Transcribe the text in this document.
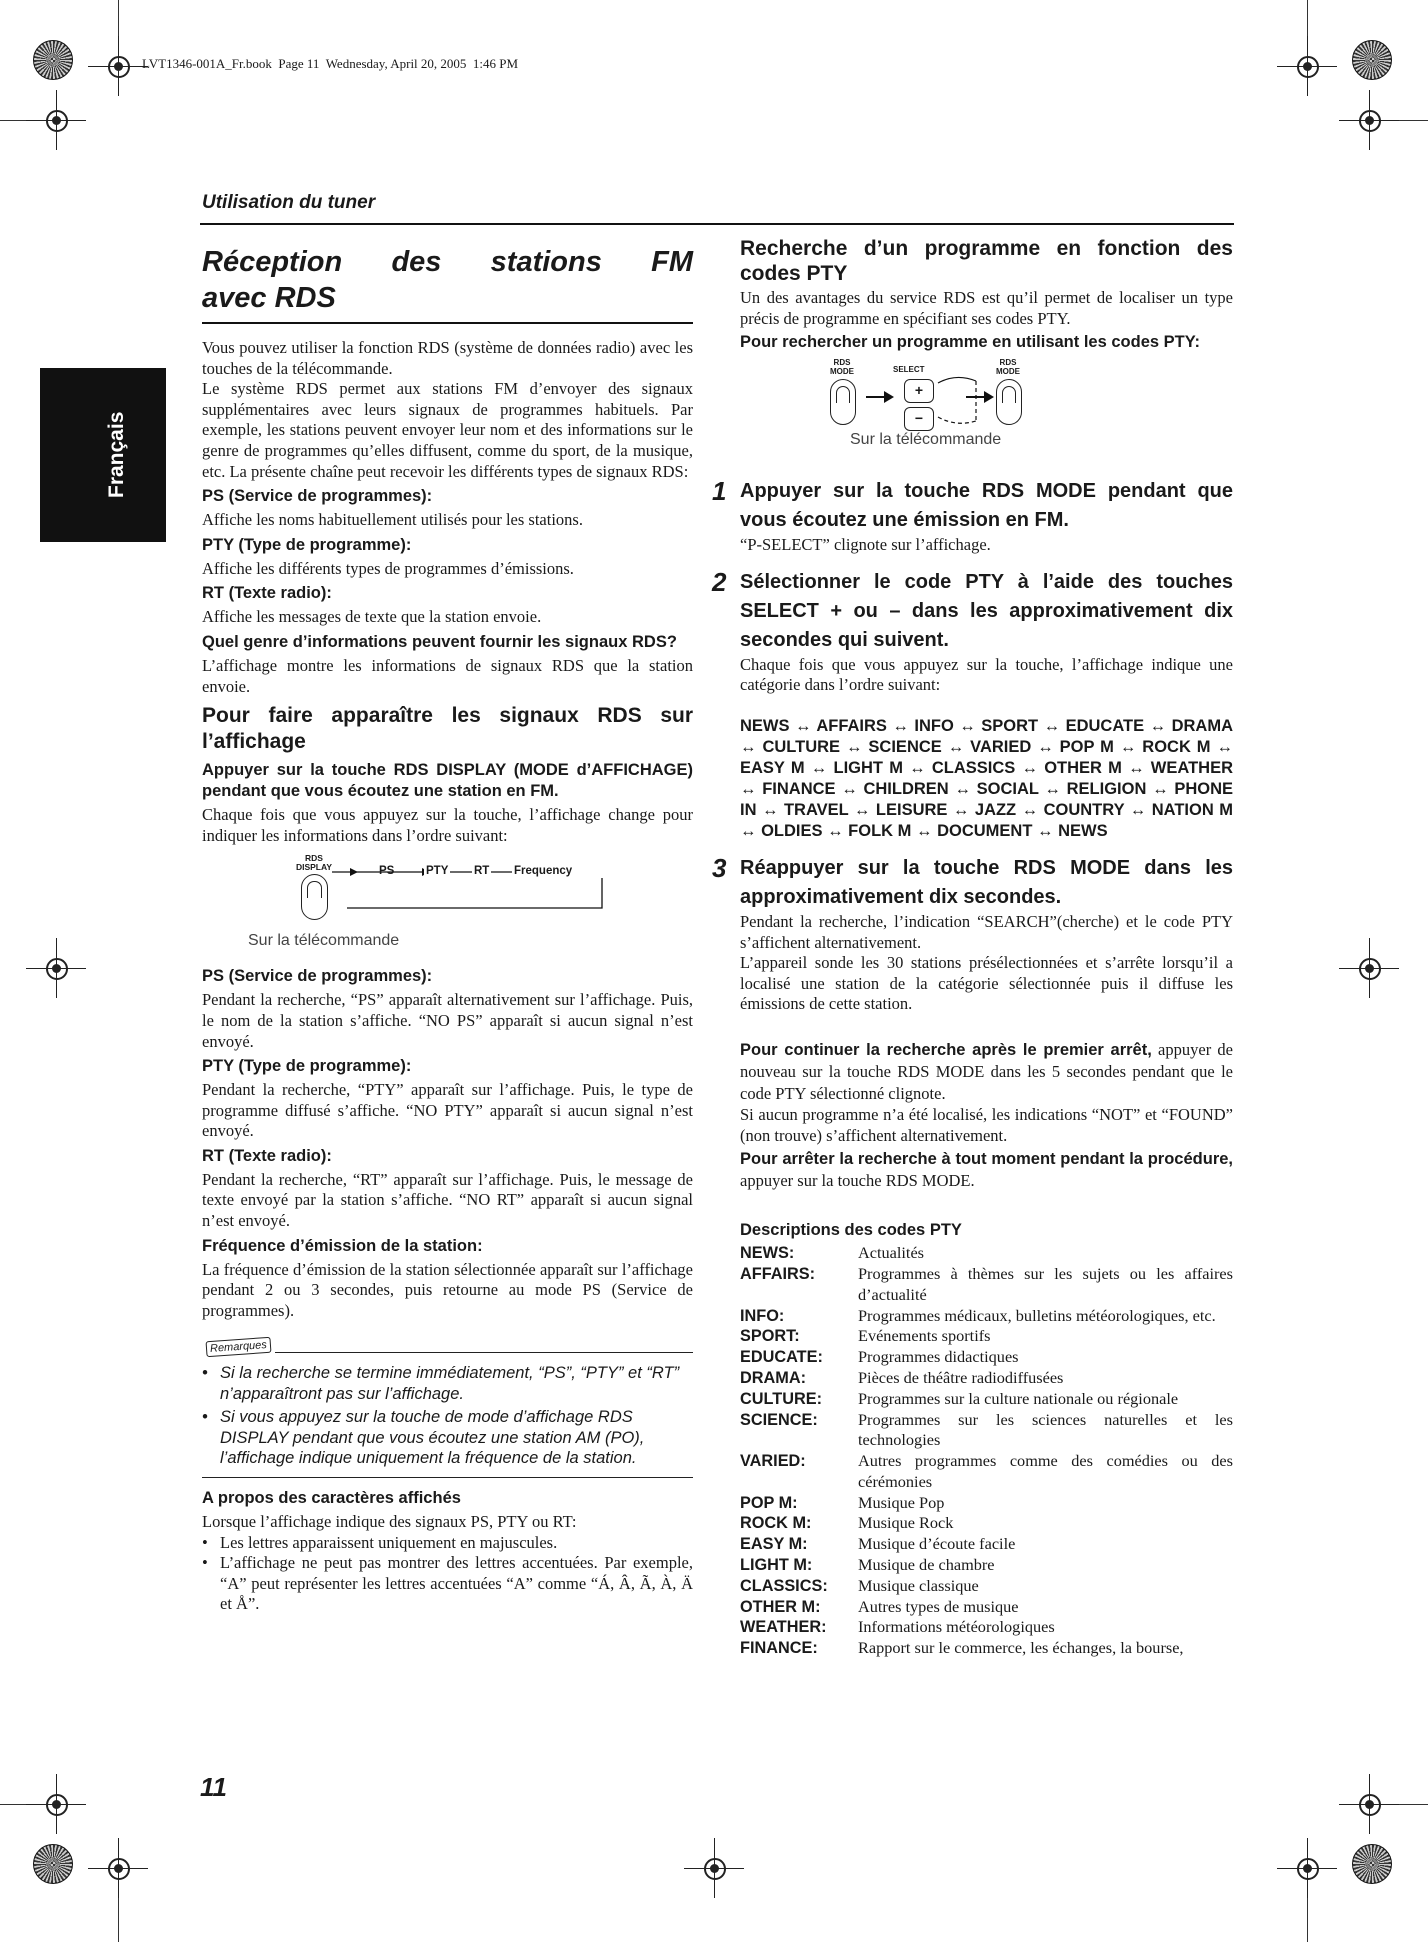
LVT1346-001A_Fr.book  Page 11  Wednesday, April 20, 2005  1:46 PM
Utilisation du tuner
Français
Réception des stations FM
avec RDS

Vous pouvez utiliser la fonction RDS (système de données radio) avec les touches de la télécommande.

Le système RDS permet aux stations FM d’envoyer des signaux supplémentaires avec leurs signaux de programmes habituels. Par exemple, les stations peuvent envoyer leur nom et des informations sur le genre de programmes qu’elles diffusent, comme du sport, de la musique, etc. La présente chaîne peut recevoir les différents types de signaux RDS:

PS (Service de programmes):

Affiche les noms habituellement utilisés pour les stations.

PTY (Type de programme):

Affiche les différents types de programmes d’émissions.

RT (Texte radio):

Affiche les messages de texte que la station envoie.

Quel genre d’informations peuvent fournir les signaux RDS?

L’affichage montre les informations de signaux RDS que la station envoie.

Pour faire apparaître les signaux RDS sur l’affichage
Appuyer sur la touche RDS DISPLAY (MODE d’AFFICHAGE) pendant que vous écoutez une station en FM.

Chaque fois que vous appuyez sur la touche, l’affichage change pour indiquer les informations dans l’ordre suivant:

RDS
DISPLAY	PS	PTY RT Frequency
Sur la télécommande
PS (Service de programmes):

Pendant la recherche, “PS” apparaît alternativement sur l’affichage. Puis, le nom de la station s’affiche. “NO PS” apparaît si aucun signal n’est envoyé.

PTY (Type de programme):

Pendant la recherche, “PTY” apparaît sur l’affichage. Puis, le type de programme diffusé s’affiche. “NO PTY” apparaît si aucun signal n’est envoyé.

RT (Texte radio):

Pendant la recherche, “RT” apparaît sur l’affichage. Puis, le message de texte envoyé par la station s’affiche. “NO RT” apparaît si aucun signal n’est envoyé.

Fréquence d’émission de la station:

La fréquence d’émission de la station sélectionnée apparaît sur l’affichage pendant 2 ou 3 secondes, puis retourne au mode PS (Service de programmes).

Remarques
• Si la recherche se termine immédiatement, “PS”, “PTY” et “RT” n’apparaîtront pas sur l’affichage.
• Si vous appuyez sur la touche de mode d’affichage RDS DISPLAY pendant que vous écoutez une station AM (PO), l’affichage indique uniquement la fréquence de la station.
A propos des caractères affichés

Lorsque l’affichage indique des signaux PS, PTY ou RT:

• Les lettres apparaissent uniquement en majuscules.
• L’affichage ne peut pas montrer des lettres accentuées. Par exemple, “A” peut représenter les lettres accentuées “A” comme “Á, Â, Ã, À, Ä et Å”.
Recherche d’un programme en fonction des codes PTY

Un des avantages du service RDS est qu’il permet de localiser un type précis de programme en spécifiant ses codes PTY.

Pour rechercher un programme en utilisant les codes PTY:
RDS
MODE	SELECT
+
−
RDS
MODE
Sur la télécommande
1 Appuyer sur la touche RDS MODE pendant que vous écoutez une émission en FM.

“P-SELECT” clignote sur l’affichage.

2 Sélectionner le code PTY à l’aide des touches SELECT + ou – dans les approximativement dix secondes qui suivent.

Chaque fois que vous appuyez sur la touche, l’affichage indique une catégorie dans l’ordre suivant:

NEWS ↔ AFFAIRS ↔ INFO ↔ SPORT ↔ EDUCATE ↔ DRAMA ↔ CULTURE ↔ SCIENCE ↔ VARIED ↔ POP M ↔ ROCK M ↔ EASY M ↔ LIGHT M ↔ CLASSICS ↔ OTHER M ↔ WEATHER ↔ FINANCE ↔ CHILDREN ↔ SOCIAL ↔ RELIGION ↔ PHONE IN ↔ TRAVEL ↔ LEISURE ↔ JAZZ ↔ COUNTRY ↔ NATION M ↔ OLDIES ↔ FOLK M ↔ DOCUMENT ↔ NEWS

3 Réappuyer sur la touche RDS MODE dans les approximativement dix secondes.

Pendant la recherche, l’indication “SEARCH”(cherche) et le code PTY s’affichent alternativement.

L’appareil sonde les 30 stations présélectionnées et s’arrête lorsqu’il a localisé une station de la catégorie sélectionnée puis il diffuse les émissions de cette station.

Pour continuer la recherche après le premier arrêt, appuyer de nouveau sur la touche RDS MODE dans les 5 secondes pendant que le code PTY sélectionné clignote.

Si aucun programme n’a été localisé, les indications “NOT” et “FOUND” (non trouve) s’affichent alternativement.

Pour arrêter la recherche à tout moment pendant la procédure, appuyer sur la touche RDS MODE.

Descriptions des codes PTY
NEWS:	Actualités
AFFAIRS:	Programmes à thèmes sur les sujets ou les affaires d’actualité
INFO:	Programmes médicaux, bulletins météorologiques, etc.
SPORT:	Evénements sportifs
EDUCATE:	Programmes didactiques
DRAMA:	Pièces de théâtre radiodiffusées
CULTURE:	Programmes sur la culture nationale ou régionale
SCIENCE:	Programmes sur les sciences naturelles et les technologies
VARIED:	Autres programmes comme des comédies ou des cérémonies
POP M:	Musique Pop
ROCK M:	Musique Rock
EASY M:	Musique d’écoute facile
LIGHT M:	Musique de chambre
CLASSICS:	Musique classique
OTHER M:	Autres types de musique
WEATHER:	Informations météorologiques
FINANCE:	Rapport sur le commerce, les échanges, la bourse,
11
